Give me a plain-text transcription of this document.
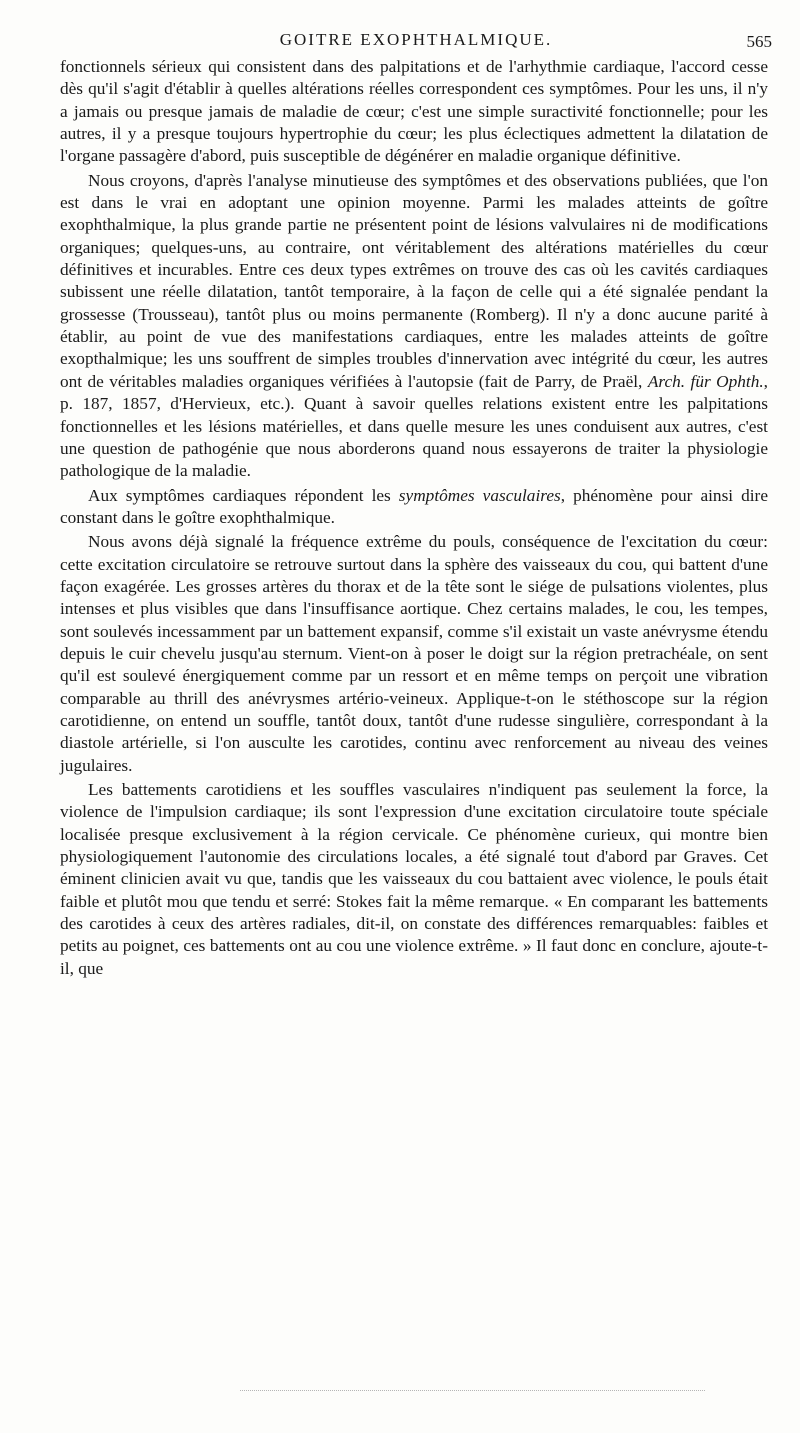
GOITRE EXOPHTHALMIQUE.	565

fonctionnels sérieux qui consistent dans des palpitations et de l'arhythmie cardiaque, l'accord cesse dès qu'il s'agit d'établir à quelles altérations réelles correspondent ces symptômes. Pour les uns, il n'y a jamais ou presque jamais de maladie de cœur; c'est une simple suractivité fonctionnelle; pour les autres, il y a presque toujours hypertrophie du cœur; les plus éclectiques admettent la dilatation de l'organe passagère d'abord, puis susceptible de dégénérer en maladie organique définitive.

Nous croyons, d'après l'analyse minutieuse des symptômes et des observations publiées, que l'on est dans le vrai en adoptant une opinion moyenne. Parmi les malades atteints de goître exophthalmique, la plus grande partie ne présentent point de lésions valvulaires ni de modifications organiques; quelques-uns, au contraire, ont véritablement des altérations matérielles du cœur définitives et incurables. Entre ces deux types extrêmes on trouve des cas où les cavités cardiaques subissent une réelle dilatation, tantôt temporaire, à la façon de celle qui a été signalée pendant la grossesse (Trousseau), tantôt plus ou moins permanente (Romberg). Il n'y a donc aucune parité à établir, au point de vue des manifestations cardiaques, entre les malades atteints de goître exopthalmique; les uns souffrent de simples troubles d'innervation avec intégrité du cœur, les autres ont de véritables maladies organiques vérifiées à l'autopsie (fait de Parry, de Praël, Arch. für Ophth., p. 187, 1857, d'Hervieux, etc.). Quant à savoir quelles relations existent entre les palpitations fonctionnelles et les lésions matérielles, et dans quelle mesure les unes conduisent aux autres, c'est une question de pathogénie que nous aborderons quand nous essayerons de traiter la physiologie pathologique de la maladie.

Aux symptômes cardiaques répondent les symptômes vasculaires, phénomène pour ainsi dire constant dans le goître exophthalmique.

Nous avons déjà signalé la fréquence extrême du pouls, conséquence de l'excitation du cœur: cette excitation circulatoire se retrouve surtout dans la sphère des vaisseaux du cou, qui battent d'une façon exagérée. Les grosses artères du thorax et de la tête sont le siége de pulsations violentes, plus intenses et plus visibles que dans l'insuffisance aortique. Chez certains malades, le cou, les tempes, sont soulevés incessamment par un battement expansif, comme s'il existait un vaste anévrysme étendu depuis le cuir chevelu jusqu'au sternum. Vient-on à poser le doigt sur la région pretrachéale, on sent qu'il est soulevé énergiquement comme par un ressort et en même temps on perçoit une vibration comparable au thrill des anévrysmes artério-veineux. Applique-t-on le stéthoscope sur la région carotidienne, on entend un souffle, tantôt doux, tantôt d'une rudesse singulière, correspondant à la diastole artérielle, si l'on ausculte les carotides, continu avec renforcement au niveau des veines jugulaires.

Les battements carotidiens et les souffles vasculaires n'indiquent pas seulement la force, la violence de l'impulsion cardiaque; ils sont l'expression d'une excitation circulatoire toute spéciale localisée presque exclusivement à la région cervicale. Ce phénomène curieux, qui montre bien physiologiquement l'autonomie des circulations locales, a été signalé tout d'abord par Graves. Cet éminent clinicien avait vu que, tandis que les vaisseaux du cou battaient avec violence, le pouls était faible et plutôt mou que tendu et serré: Stokes fait la même remarque. « En comparant les battements des carotides à ceux des artères radiales, dit-il, on constate des différences remarquables: faibles et petits au poignet, ces battements ont au cou une violence extrême. » Il faut donc en conclure, ajoute-t-il, que
